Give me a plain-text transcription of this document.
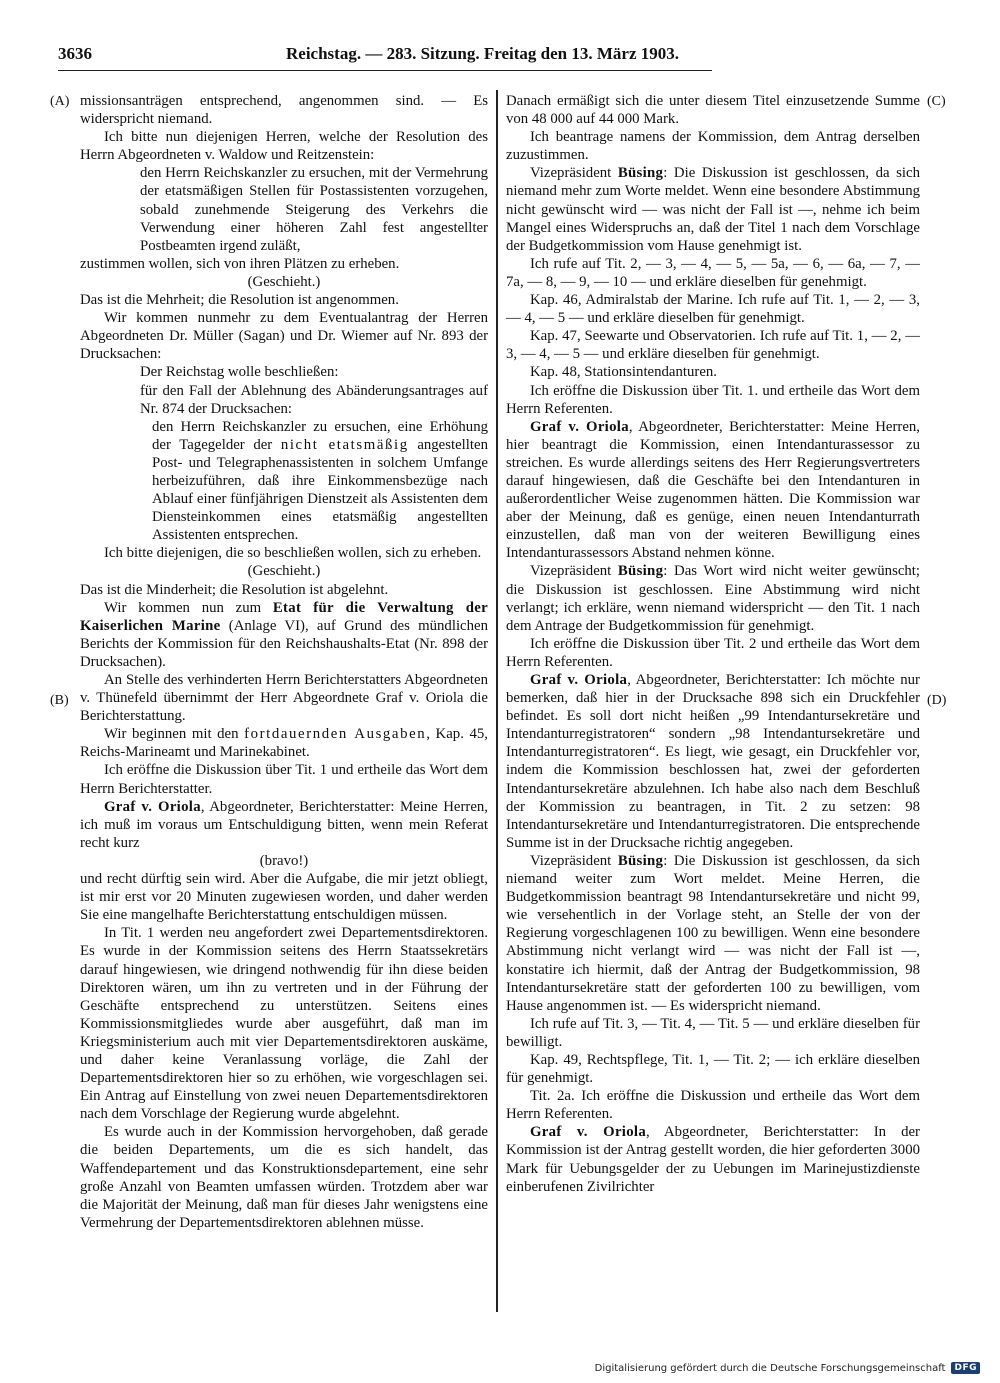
3636	Reichstag. — 283. Sitzung. Freitag den 13. März 1903.
(A)
(B)
(C)
(D)

missionsanträgen entsprechend, angenommen sind. — Es widerspricht niemand.

Ich bitte nun diejenigen Herren, welche der Resolution des Herrn Abgeordneten v. Waldow und Reitzenstein:

den Herrn Reichskanzler zu ersuchen, mit der Vermehrung der etatsmäßigen Stellen für Postassistenten vorzugehen, sobald zunehmende Steigerung des Verkehrs die Verwendung einer höheren Zahl fest angestellter Postbeamten irgend zuläßt,

zustimmen wollen, sich von ihren Plätzen zu erheben.

(Geschieht.)

Das ist die Mehrheit; die Resolution ist angenommen.

Wir kommen nunmehr zu dem Eventualantrag der Herren Abgeordneten Dr. Müller (Sagan) und Dr. Wiemer auf Nr. 893 der Drucksachen:

Der Reichstag wolle beschließen:

für den Fall der Ablehnung des Abänderungsantrages auf Nr. 874 der Drucksachen:

den Herrn Reichskanzler zu ersuchen, eine Erhöhung der Tagegelder der nicht etatsmäßig angestellten Post- und Telegraphenassistenten in solchem Umfange herbeizuführen, daß ihre Einkommensbezüge nach Ablauf einer fünfjährigen Dienstzeit als Assistenten dem Diensteinkommen eines etatsmäßig angestellten Assistenten entsprechen.

Ich bitte diejenigen, die so beschließen wollen, sich zu erheben.

(Geschieht.)

Das ist die Minderheit; die Resolution ist abgelehnt.

Wir kommen nun zum Etat für die Verwaltung der Kaiserlichen Marine (Anlage VI), auf Grund des mündlichen Berichts der Kommission für den Reichshaushalts-Etat (Nr. 898 der Drucksachen).

An Stelle des verhinderten Herrn Berichterstatters Abgeordneten v. Thünefeld übernimmt der Herr Abgeordnete Graf v. Oriola die Berichterstattung.

Wir beginnen mit den fortdauernden Ausgaben, Kap. 45, Reichs-Marineamt und Marinekabinet.

Ich eröffne die Diskussion über Tit. 1 und ertheile das Wort dem Herrn Berichterstatter.

Graf v. Oriola, Abgeordneter, Berichterstatter: Meine Herren, ich muß im voraus um Entschuldigung bitten, wenn mein Referat recht kurz

(bravo!)

und recht dürftig sein wird. Aber die Aufgabe, die mir jetzt obliegt, ist mir erst vor 20 Minuten zugewiesen worden, und daher werden Sie eine mangelhafte Berichterstattung entschuldigen müssen.

In Tit. 1 werden neu angefordert zwei Departementsdirektoren. Es wurde in der Kommission seitens des Herrn Staatssekretärs darauf hingewiesen, wie dringend nothwendig für ihn diese beiden Direktoren wären, um ihn zu vertreten und in der Führung der Geschäfte entsprechend zu unterstützen. Seitens eines Kommissionsmitgliedes wurde aber ausgeführt, daß man im Kriegsministerium auch mit vier Departementsdirektoren auskäme, und daher keine Veranlassung vorläge, die Zahl der Departementsdirektoren hier so zu erhöhen, wie vorgeschlagen sei. Ein Antrag auf Einstellung von zwei neuen Departementsdirektoren nach dem Vorschlage der Regierung wurde abgelehnt.

Es wurde auch in der Kommission hervorgehoben, daß gerade die beiden Departements, um die es sich handelt, das Waffendepartement und das Konstruktionsdepartement, eine sehr große Anzahl von Beamten umfassen würden. Trotzdem aber war die Majorität der Meinung, daß man für dieses Jahr wenigstens eine Vermehrung der Departementsdirektoren ablehnen müsse.

Danach ermäßigt sich die unter diesem Titel einzusetzende Summe von 48 000 auf 44 000 Mark.

Ich beantrage namens der Kommission, dem Antrag derselben zuzustimmen.

Vizepräsident Büsing: Die Diskussion ist geschlossen, da sich niemand mehr zum Worte meldet. Wenn eine besondere Abstimmung nicht gewünscht wird — was nicht der Fall ist —, nehme ich beim Mangel eines Widerspruchs an, daß der Titel 1 nach dem Vorschlage der Budgetkommission vom Hause genehmigt ist.

Ich rufe auf Tit. 2, — 3, — 4, — 5, — 5a, — 6, — 6a, — 7, — 7a, — 8, — 9, — 10 — und erkläre dieselben für genehmigt.

Kap. 46, Admiralstab der Marine. Ich rufe auf Tit. 1, — 2, — 3, — 4, — 5 — und erkläre dieselben für genehmigt.

Kap. 47, Seewarte und Observatorien. Ich rufe auf Tit. 1, — 2, — 3, — 4, — 5 — und erkläre dieselben für genehmigt.

Kap. 48, Stationsintendanturen.

Ich eröffne die Diskussion über Tit. 1. und ertheile das Wort dem Herrn Referenten.

Graf v. Oriola, Abgeordneter, Berichterstatter: Meine Herren, hier beantragt die Kommission, einen Intendanturassessor zu streichen. Es wurde allerdings seitens des Herr Regierungsvertreters darauf hingewiesen, daß die Geschäfte bei den Intendanturen in außerordentlicher Weise zugenommen hätten. Die Kommission war aber der Meinung, daß es genüge, einen neuen Intendanturrath einzustellen, daß man von der weiteren Bewilligung eines Intendanturassessors Abstand nehmen könne.

Vizepräsident Büsing: Das Wort wird nicht weiter gewünscht; die Diskussion ist geschlossen. Eine Abstimmung wird nicht verlangt; ich erkläre, wenn niemand widerspricht — den Tit. 1 nach dem Antrage der Budgetkommission für genehmigt.

Ich eröffne die Diskussion über Tit. 2 und ertheile das Wort dem Herrn Referenten.

Graf v. Oriola, Abgeordneter, Berichterstatter: Ich möchte nur bemerken, daß hier in der Drucksache 898 sich ein Druckfehler befindet. Es soll dort nicht heißen „99 Intendantursekretäre und Intendanturregistratoren“ sondern „98 Intendantursekretäre und Intendanturregistratoren“. Es liegt, wie gesagt, ein Druckfehler vor, indem die Kommission beschlossen hat, zwei der geforderten Intendantursekretäre abzulehnen. Ich habe also nach dem Beschluß der Kommission zu beantragen, in Tit. 2 zu setzen: 98 Intendantursekretäre und Intendanturregistratoren. Die entsprechende Summe ist in der Drucksache richtig angegeben.

Vizepräsident Büsing: Die Diskussion ist geschlossen, da sich niemand weiter zum Wort meldet. Meine Herren, die Budgetkommission beantragt 98 Intendantursekretäre und nicht 99, wie versehentlich in der Vorlage steht, an Stelle der von der Regierung vorgeschlagenen 100 zu bewilligen. Wenn eine besondere Abstimmung nicht verlangt wird — was nicht der Fall ist —, konstatire ich hiermit, daß der Antrag der Budgetkommission, 98 Intendantursekretäre statt der geforderten 100 zu bewilligen, vom Hause angenommen ist. — Es widerspricht niemand.

Ich rufe auf Tit. 3, — Tit. 4, — Tit. 5 — und erkläre dieselben für bewilligt.

Kap. 49, Rechtspflege, Tit. 1, — Tit. 2; — ich erkläre dieselben für genehmigt.

Tit. 2a. Ich eröffne die Diskussion und ertheile das Wort dem Herrn Referenten.

Graf v. Oriola, Abgeordneter, Berichterstatter: In der Kommission ist der Antrag gestellt worden, die hier geforderten 3000 Mark für Uebungsgelder der zu Uebungen im Marinejustizdienste einberufenen Zivilrichter

Digitalisierung gefördert durch die Deutsche Forschungsgemeinschaft	DFG
